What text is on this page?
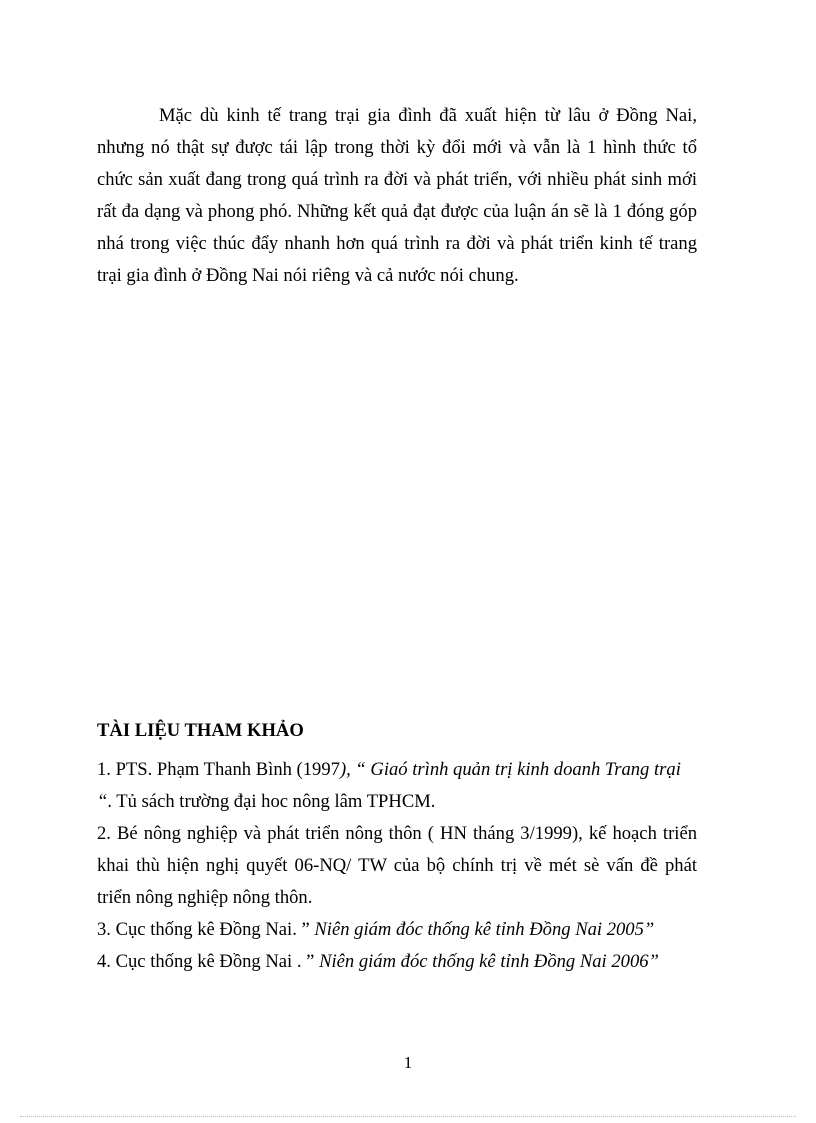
Mặc dù kinh tế trang trại gia đình đã xuất hiện từ lâu ở Đồng Nai,
nhưng nó thật sự được tái lập trong thời kỳ đổi mới và vẫn là 1 hình thức tổ
chức sản xuất đang trong quá trình ra đời và phát triển, với nhiều phát sinh mới
rất đa dạng và phong phó. Những kết quả đạt được của luận án sẽ là 1 đóng góp
nhá trong việc thúc đẩy nhanh hơn quá trình ra đời và phát triển kinh tế trang
trại gia đình ở Đồng Nai nói riêng và cả nước nói chung.
TÀI LIỆU THAM KHẢO
1. PTS. Phạm Thanh Bình (1997), “ Giaó trình quản trị kinh doanh Trang trại
“. Tủ sách trường đại hoc nông lâm TPHCM.
2. Bé nông nghiệp và phát triển nông thôn ( HN tháng 3/1999), kế hoạch triển
khai thù hiện nghị quyết 06-NQ/ TW của bộ chính trị về mét sè vấn đề phát
triển nông nghiệp nông thôn.
3. Cục thống kê Đồng Nai. ” Niên giám đóc thống kê tỉnh Đồng Nai 2005”
4. Cục thống kê Đồng Nai . ” Niên giám đóc thống kê tỉnh Đồng Nai 2006”
1
